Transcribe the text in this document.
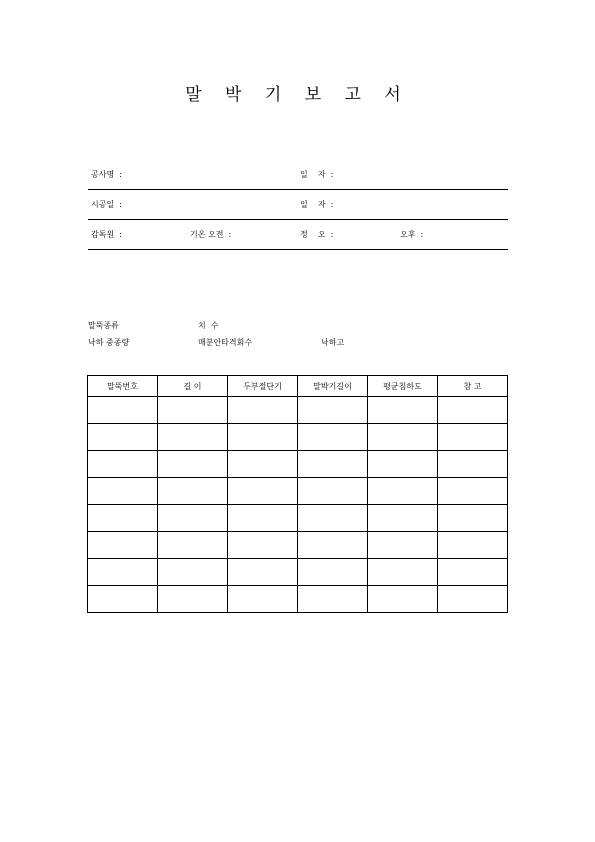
말 박 기 보 고 서
공사명  :	일    자  :
시공일  :	일    자  :
감독원  :	기온 오전  :	정    오  :	오후  :
말뚝종류	치  수
낙하 중종량	매분안타격회수	낙하고
말뚝번호	길 이	두부절단기	말박기길이	평균침하도	참 고
